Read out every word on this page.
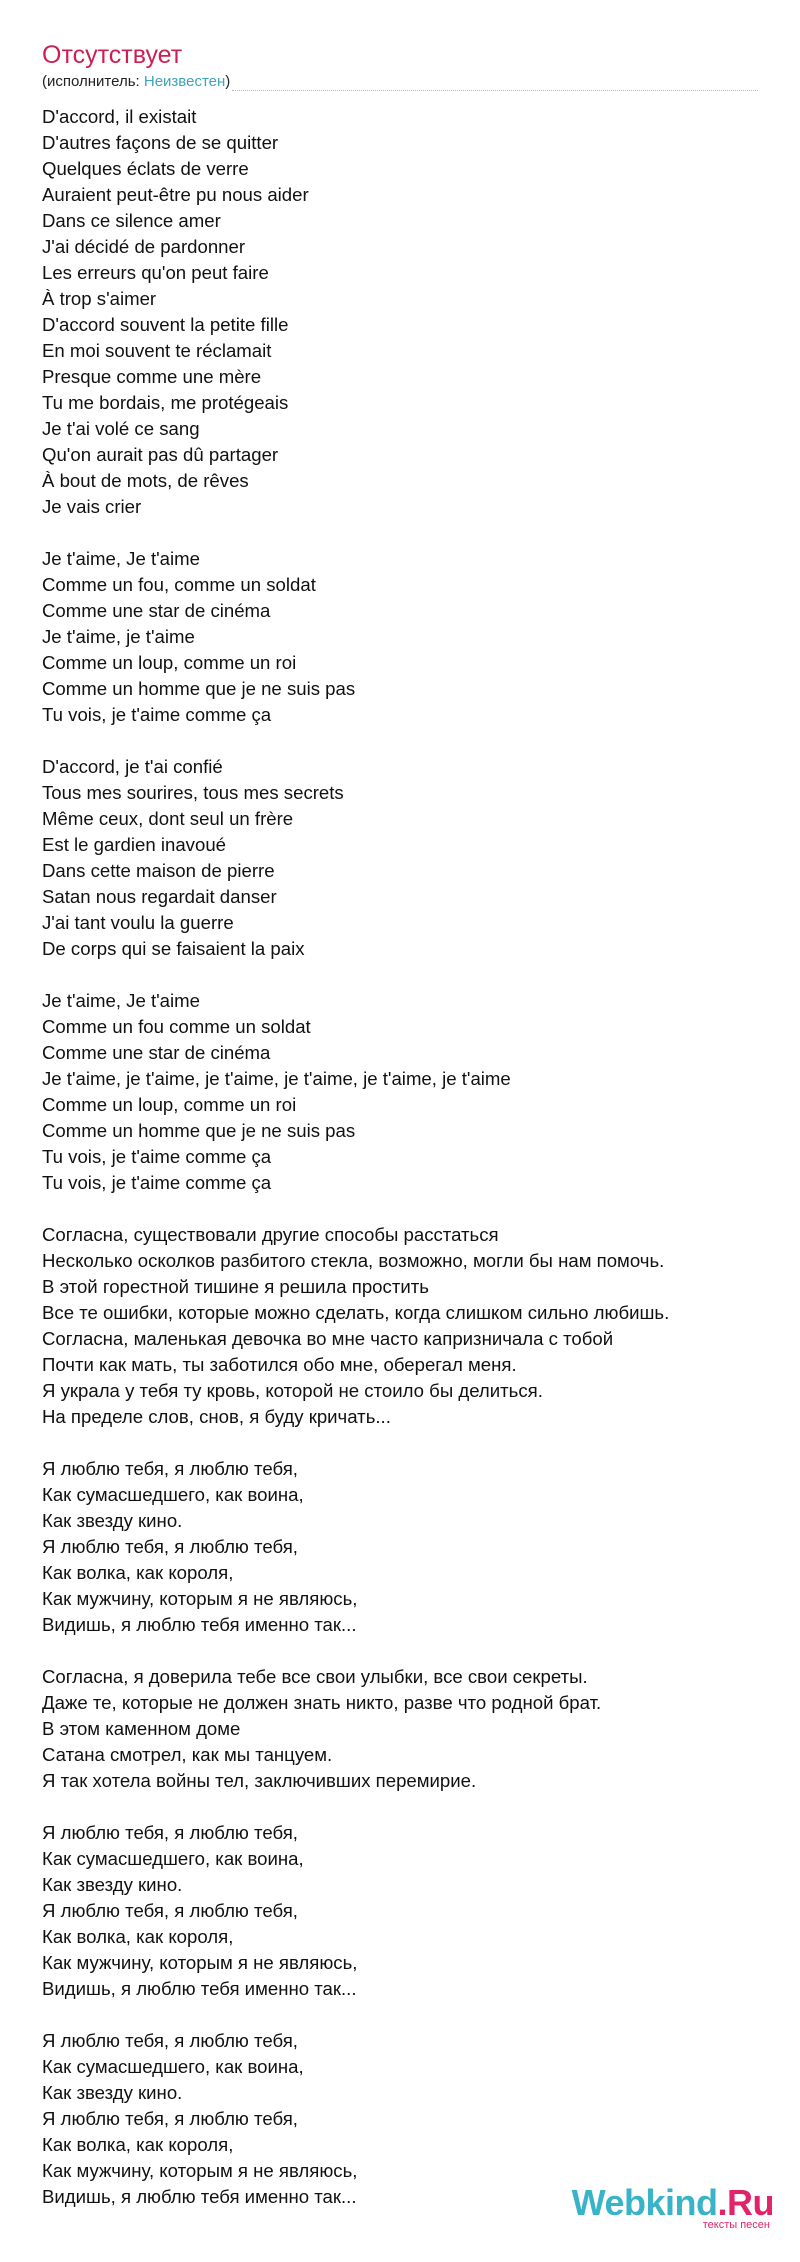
Отсутствует
(исполнитель: Неизвестен)
D'accord, il existait
D'autres façons de se quitter
Quelques éclats de verre
Auraient peut-être pu nous aider
Dans ce silence amer
J'ai décidé de pardonner
Les erreurs qu'on peut faire
À trop s'aimer
D'accord souvent la petite fille
En moi souvent te réclamait
Presque comme une mère
Tu me bordais, me protégeais
Je t'ai volé ce sang
Qu'on aurait pas dû partager
À bout de mots, de rêves
Je vais crier

Je t'aime, Je t'aime
Comme un fou, comme un soldat
Comme une star de cinéma
Je t'aime, je t'aime
Comme un loup, comme un roi
Comme un homme que je ne suis pas
Tu vois, je t'aime comme ça

D'accord, je t'ai confié
Tous mes sourires, tous mes secrets
Même ceux, dont seul un frère
Est le gardien inavoué
Dans cette maison de pierre
Satan nous regardait danser
J'ai tant voulu la guerre
De corps qui se faisaient la paix

Je t'aime, Je t'aime
Comme un fou comme un soldat
Comme une star de cinéma
Je t'aime, je t'aime, je t'aime, je t'aime, je t'aime, je t'aime
Comme un loup, comme un roi
Comme un homme que je ne suis pas
Tu vois, je t'aime comme ça
Tu vois, je t'aime comme ça

Согласна, существовали другие способы расстаться
Несколько осколков разбитого стекла, возможно, могли бы нам помочь.
В этой горестной тишине я решила простить
Все те ошибки, которые можно сделать, когда слишком сильно любишь.
Согласна, маленькая девочка во мне часто капризничала с тобой
Почти как мать, ты заботился обо мне, оберегал меня.
Я украла у тебя ту кровь, которой не стоило бы делиться.
На пределе слов, снов, я буду кричать...

Я люблю тебя, я люблю тебя,
Как сумасшедшего, как воина,
Как звезду кино.
Я люблю тебя, я люблю тебя,
Как волка, как короля,
Как мужчину, которым я не являюсь,
Видишь, я люблю тебя именно так...

Согласна, я доверила тебе все свои улыбки, все свои секреты.
Даже те, которые не должен знать никто, разве что родной брат.
В этом каменном доме
Сатана смотрел, как мы танцуем.
Я так хотела войны тел, заключивших перемирие.

Я люблю тебя, я люблю тебя,
Как сумасшедшего, как воина,
Как звезду кино.
Я люблю тебя, я люблю тебя,
Как волка, как короля,
Как мужчину, которым я не являюсь,
Видишь, я люблю тебя именно так...

Я люблю тебя, я люблю тебя,
Как сумасшедшего, как воина,
Как звезду кино.
Я люблю тебя, я люблю тебя,
Как волка, как короля,
Как мужчину, которым я не являюсь,
Видишь, я люблю тебя именно так...	Webkind.Ru
тексты песен
